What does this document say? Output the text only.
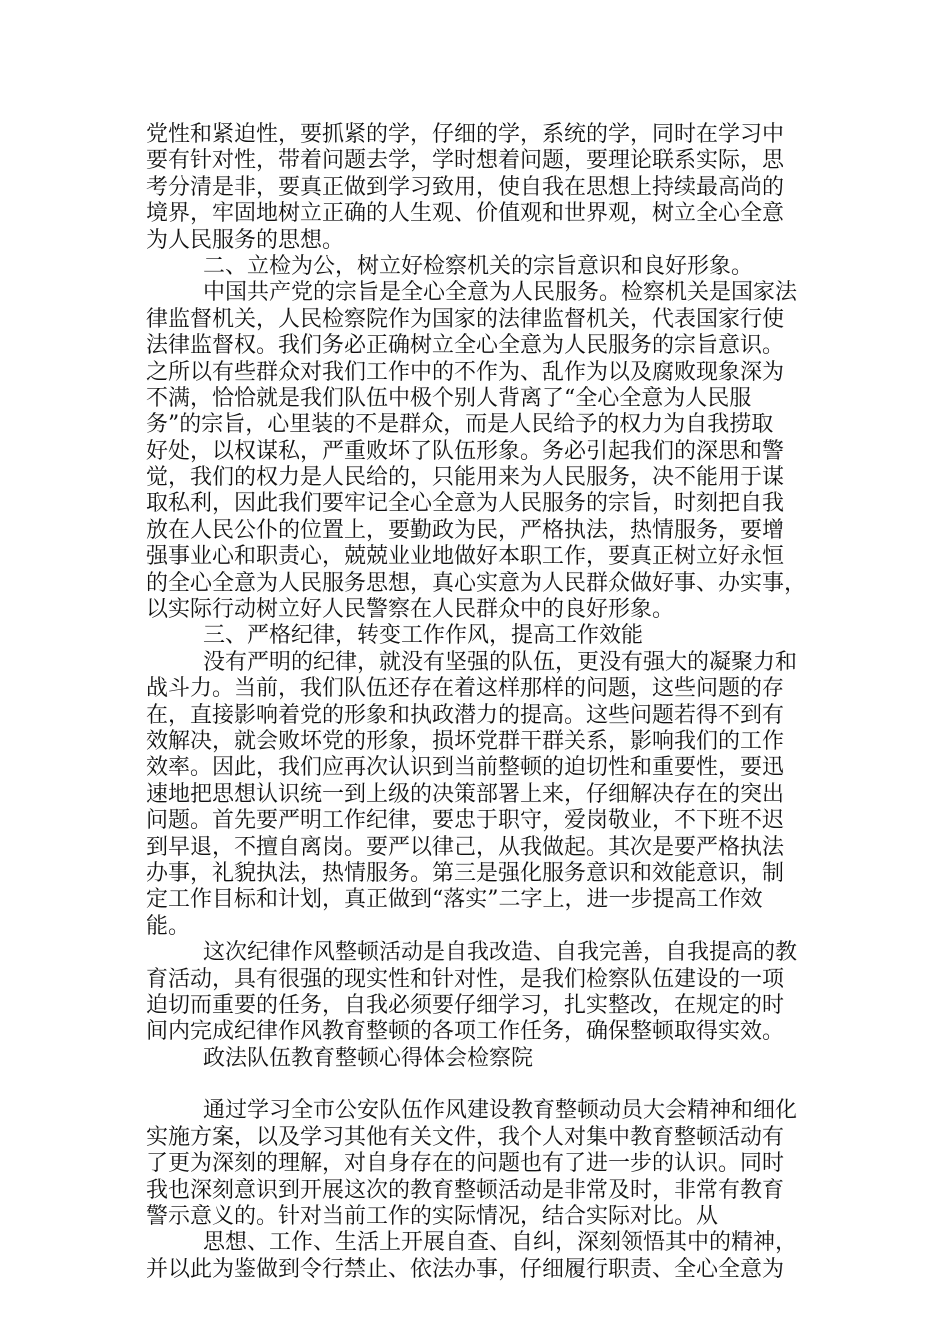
党性和紧迫性，要抓紧的学，仔细的学，系统的学，同时在学习中
要有针对性，带着问题去学，学时想着问题，要理论联系实际，思
考分清是非，要真正做到学习致用，使自我在思想上持续最高尚的
境界，牢固地树立正确的人生观、价值观和世界观，树立全心全意
为人民服务的思想。
二、立检为公，树立好检察机关的宗旨意识和良好形象。
中国共产党的宗旨是全心全意为人民服务。检察机关是国家法
律监督机关，人民检察院作为国家的法律监督机关，代表国家行使
法律监督权。我们务必正确树立全心全意为人民服务的宗旨意识。
之所以有些群众对我们工作中的不作为、乱作为以及腐败现象深为
不满，恰恰就是我们队伍中极个别人背离了“全心全意为人民服
务”的宗旨，心里装的不是群众，而是人民给予的权力为自我捞取
好处，以权谋私，严重败坏了队伍形象。务必引起我们的深思和警
觉，我们的权力是人民给的，只能用来为人民服务，决不能用于谋
取私利，因此我们要牢记全心全意为人民服务的宗旨，时刻把自我
放在人民公仆的位置上，要勤政为民，严格执法，热情服务，要增
强事业心和职责心，兢兢业业地做好本职工作，要真正树立好永恒
的全心全意为人民服务思想，真心实意为人民群众做好事、办实事，
以实际行动树立好人民警察在人民群众中的良好形象。
三、严格纪律，转变工作作风，提高工作效能
没有严明的纪律，就没有坚强的队伍，更没有强大的凝聚力和
战斗力。当前，我们队伍还存在着这样那样的问题，这些问题的存
在，直接影响着党的形象和执政潜力的提高。这些问题若得不到有
效解决，就会败坏党的形象，损坏党群干群关系，影响我们的工作
效率。因此，我们应再次认识到当前整顿的迫切性和重要性，要迅
速地把思想认识统一到上级的决策部署上来，仔细解决存在的突出
问题。首先要严明工作纪律，要忠于职守，爱岗敬业，不下班不迟
到早退，不擅自离岗。要严以律己，从我做起。其次是要严格执法
办事，礼貌执法，热情服务。第三是强化服务意识和效能意识，制
定工作目标和计划，真正做到“落实”二字上，进一步提高工作效
能。
这次纪律作风整顿活动是自我改造、自我完善，自我提高的教
育活动，具有很强的现实性和针对性，是我们检察队伍建设的一项
迫切而重要的任务，自我必须要仔细学习，扎实整改，在规定的时
间内完成纪律作风教育整顿的各项工作任务，确保整顿取得实效。
政法队伍教育整顿心得体会检察院
通过学习全市公安队伍作风建设教育整顿动员大会精神和细化
实施方案，以及学习其他有关文件，我个人对集中教育整顿活动有
了更为深刻的理解，对自身存在的问题也有了进一步的认识。同时
我也深刻意识到开展这次的教育整顿活动是非常及时，非常有教育
警示意义的。针对当前工作的实际情况，结合实际对比。从
思想、工作、生活上开展自查、自纠，深刻领悟其中的精神，
并以此为鉴做到令行禁止、依法办事，仔细履行职责、全心全意为
